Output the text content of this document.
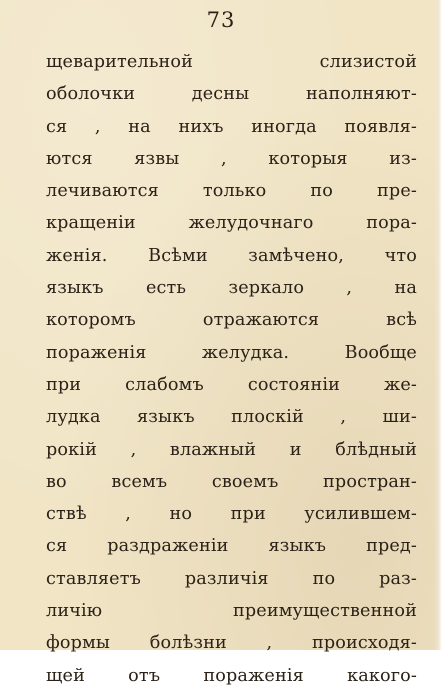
73
щеварительной слизистой
оболочки десны наполняют-
ся , на нихъ иногда появля-
ются язвы , которыя из-
лечиваются только по пре-
кращеніи желудочнаго пора-
женія. Всѣми замѣчено, что
языкъ есть зеркало , на
которомъ отражаются всѣ
пораженія желудка. Вообще
при слабомъ состояніи же-
лудка языкъ плоскій , ши-
рокій , влажный и блѣдный
во всемъ своемъ простран-
ствѣ , но при усилившем-
ся раздраженіи языкъ пред-
ставляетъ различія по раз-
личію преимущественной
формы болѣзни , происходя-
щей отъ пораженія какого-
